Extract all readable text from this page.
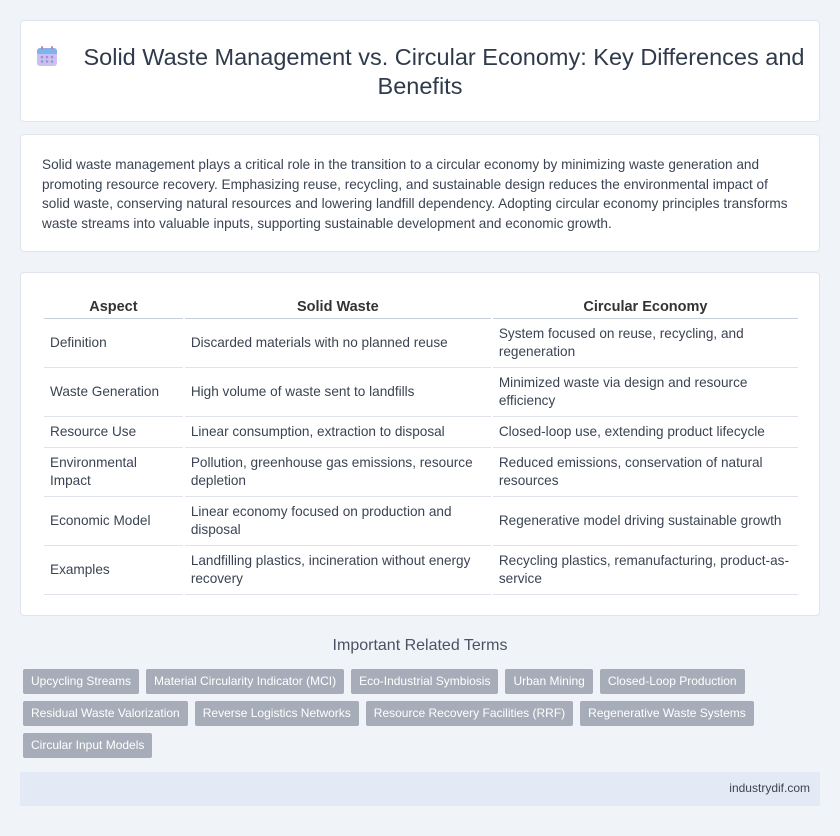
Solid Waste Management vs. Circular Economy: Key Differences and Benefits

Solid waste management plays a critical role in the transition to a circular economy by minimizing waste generation and promoting resource recovery. Emphasizing reuse, recycling, and sustainable design reduces the environmental impact of solid waste, conserving natural resources and lowering landfill dependency. Adopting circular economy principles transforms waste streams into valuable inputs, supporting sustainable development and economic growth.

Aspect	Solid Waste	Circular Economy
Definition	Discarded materials with no planned reuse	System focused on reuse, recycling, and regeneration
Waste Generation	High volume of waste sent to landfills	Minimized waste via design and resource efficiency
Resource Use	Linear consumption, extraction to disposal	Closed-loop use, extending product lifecycle
Environmental Impact	Pollution, greenhouse gas emissions, resource depletion	Reduced emissions, conservation of natural resources
Economic Model	Linear economy focused on production and disposal	Regenerative model driving sustainable growth
Examples	Landfilling plastics, incineration without energy recovery	Recycling plastics, remanufacturing, product-as-service
Important Related Terms
Upcycling Streams	Material Circularity Indicator (MCI)	Eco-Industrial Symbiosis	Urban Mining	Closed-Loop Production
Residual Waste Valorization	Reverse Logistics Networks	Resource Recovery Facilities (RRF)	Regenerative Waste Systems
Circular Input Models
industrydif.com
